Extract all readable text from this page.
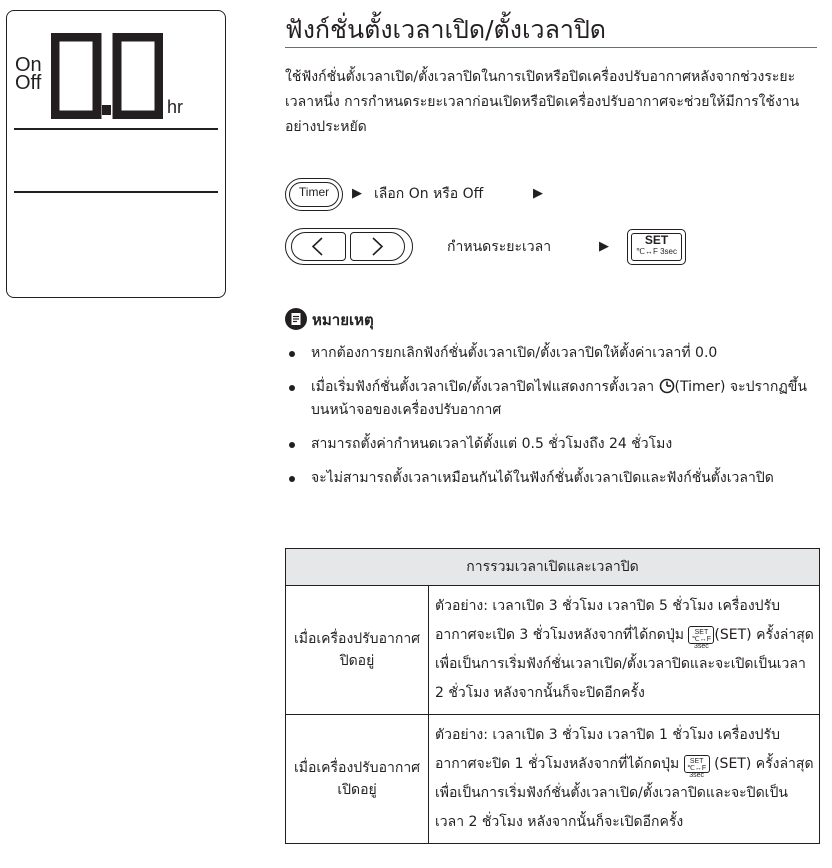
On
Off
hr
ฟังก์ชั่นตั้งเวลาเปิด/ตั้งเวลาปิด
ใช้ฟังก์ชั่นตั้งเวลาเปิด/ตั้งเวลาปิดในการเปิดหรือปิดเครื่องปรับอากาศหลังจากช่วงระยะเวลาหนึ่ง การกำหนดระยะเวลาก่อนเปิดหรือปิดเครื่องปรับอากาศจะช่วยให้มีการใช้งานอย่างประหยัด
Timer	▶ เลือก On หรือ Off	▶
กำหนดระยะเวลา	▶	SET
℃↔F 3sec
หมายเหตุ
หากต้องการยกเลิกฟังก์ชั่นตั้งเวลาเปิด/ตั้งเวลาปิดให้ตั้งค่าเวลาที่ 0.0
เมื่อเริ่มฟังก์ชั่นตั้งเวลาเปิด/ตั้งเวลาปิดไฟแสดงการตั้งเวลา (Timer) จะปรากฏขึ้นบนหน้าจอของเครื่องปรับอากาศ
สามารถตั้งค่ากำหนดเวลาได้ตั้งแต่ 0.5 ชั่วโมงถึง 24 ชั่วโมง
จะไม่สามารถตั้งเวลาเหมือนกันได้ในฟังก์ชั่นตั้งเวลาเปิดและฟังก์ชั่นตั้งเวลาปิด
การรวมเวลาเปิดและเวลาปิด	
เมื่อเครื่องปรับอากาศปิดอยู่	ตัวอย่าง: เวลาเปิด 3 ชั่วโมง เวลาปิด 5 ชั่วโมง เครื่องปรับอากาศจะเปิด 3 ชั่วโมงหลังจากที่ได้กดปุ่ม SET
℃↔F 3sec(SET) ครั้งล่าสุดเพื่อเป็นการเริ่มฟังก์ชั่นเวลาเปิด/ตั้งเวลาปิดและจะเปิดเป็นเวลา 2 ชั่วโมง หลังจากนั้นก็จะปิดอีกครั้ง
เมื่อเครื่องปรับอากาศเปิดอยู่	ตัวอย่าง: เวลาเปิด 3 ชั่วโมง เวลาปิด 1 ชั่วโมง เครื่องปรับอากาศจะปิด 1 ชั่วโมงหลังจากที่ได้กดปุ่ม SET
℃↔F 3sec (SET) ครั้งล่าสุดเพื่อเป็นการเริ่มฟังก์ชั่นตั้งเวลาเปิด/ตั้งเวลาปิดและจะปิดเป็นเวลา 2 ชั่วโมง หลังจากนั้นก็จะเปิดอีกครั้ง
